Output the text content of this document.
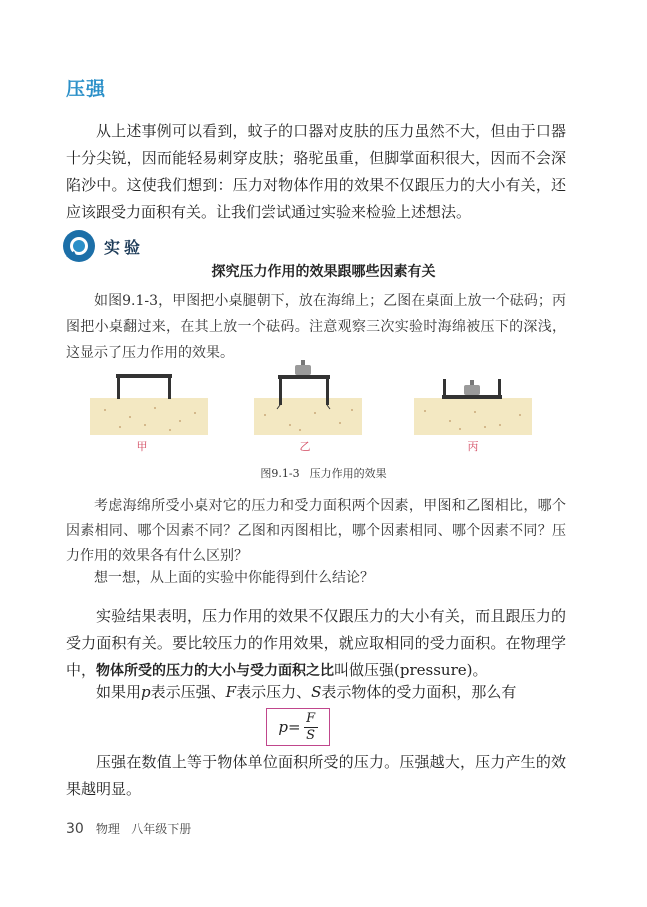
压强

从上述事例可以看到，蚊子的口器对皮肤的压力虽然不大，但由于口器十分尖锐，因而能轻易刺穿皮肤；骆驼虽重，但脚掌面积很大，因而不会深陷沙中。这使我们想到：压力对物体作用的效果不仅跟压力的大小有关，还应该跟受力面积有关。让我们尝试通过实验来检验上述想法。

实验
探究压力作用的效果跟哪些因素有关

如图9.1-3，甲图把小桌腿朝下，放在海绵上；乙图在桌面上放一个砝码；丙图把小桌翻过来，在其上放一个砝码。注意观察三次实验时海绵被压下的深浅，这显示了压力作用的效果。

甲	乙	丙
图9.1-3 压力作用的效果

考虑海绵所受小桌对它的压力和受力面积两个因素，甲图和乙图相比，哪个因素相同、哪个因素不同？乙图和丙图相比，哪个因素相同、哪个因素不同？压力作用的效果各有什么区别？

想一想，从上面的实验中你能得到什么结论？

实验结果表明，压力作用的效果不仅跟压力的大小有关，而且跟压力的受力面积有关。要比较压力的作用效果，就应取相同的受力面积。在物理学中，物体所受的压力的大小与受力面积之比叫做压强(pressure)。

如果用p表示压强、F表示压力、S表示物体的受力面积，那么有

$p = \frac{F}{S}$

压强在数值上等于物体单位面积所受的压力。压强越大，压力产生的效果越明显。

30 物理 八年级下册
